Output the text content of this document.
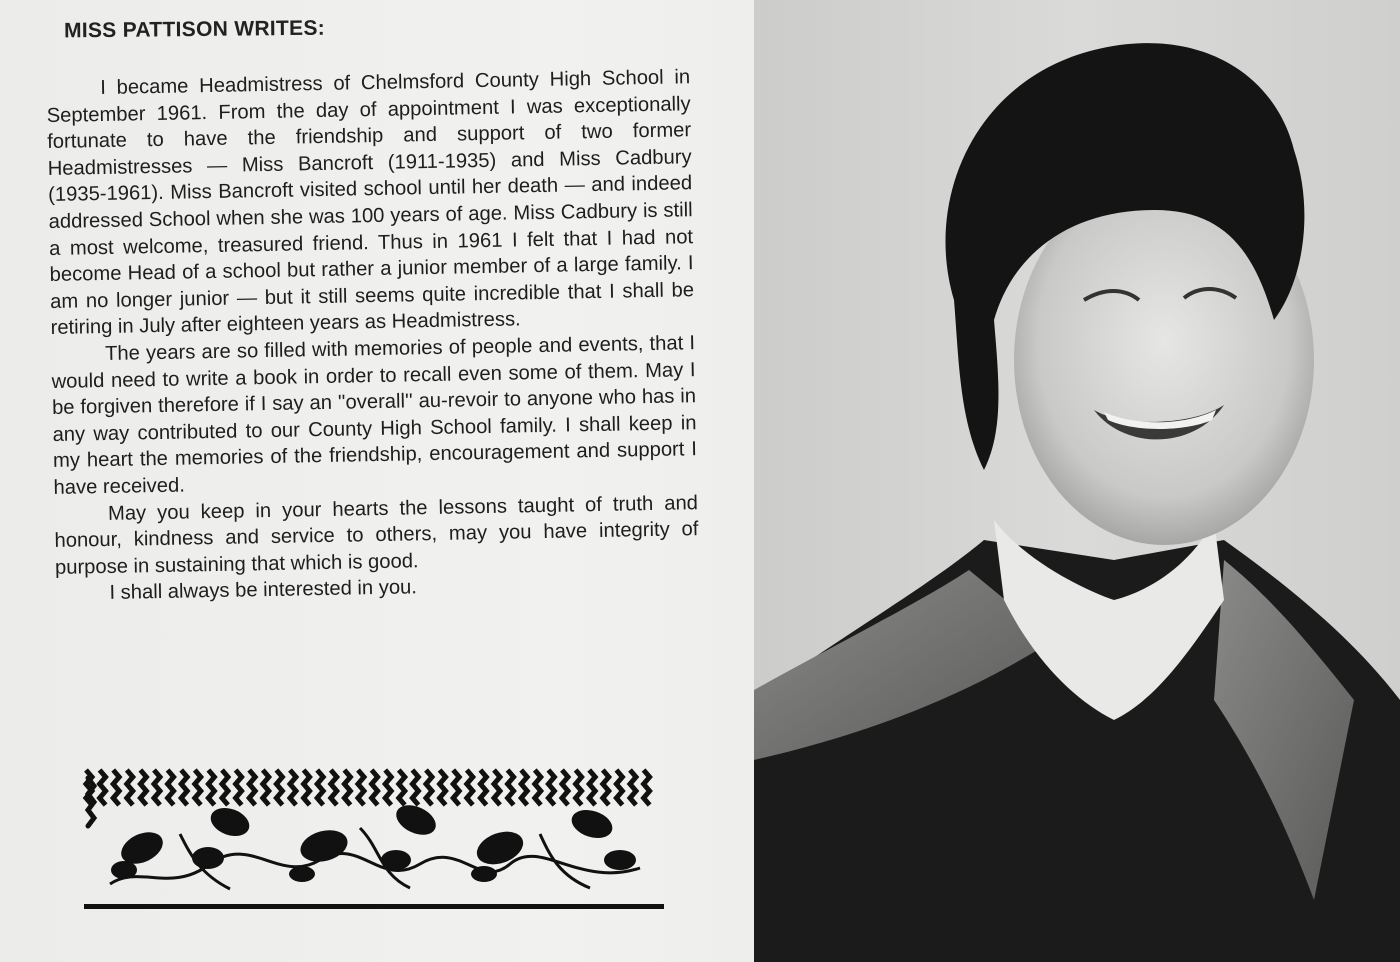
MISS PATTISON WRITES:

I became Headmistress of Chelmsford County High School in September 1961. From the day of appointment I was exceptionally fortunate to have the friendship and support of two former Headmistresses — Miss Bancroft (1911-1935) and Miss Cadbury (1935-1961). Miss Bancroft visited school until her death — and indeed addressed School when she was 100 years of age. Miss Cadbury is still a most welcome, treasured friend. Thus in 1961 I felt that I had not become Head of a school but rather a junior member of a large family. I am no longer junior — but it still seems quite incredible that I shall be retiring in July after eighteen years as Headmistress.

The years are so filled with memories of people and events, that I would need to write a book in order to recall even some of them. May I be forgiven therefore if I say an ''overall'' au-revoir to anyone who has in any way contributed to our County High School family. I shall keep in my heart the memories of the friendship, encouragement and support I have received.

May you keep in your hearts the lessons taught of truth and honour, kindness and service to others, may you have integrity of purpose in sustaining that which is good.

I shall always be interested in you.
